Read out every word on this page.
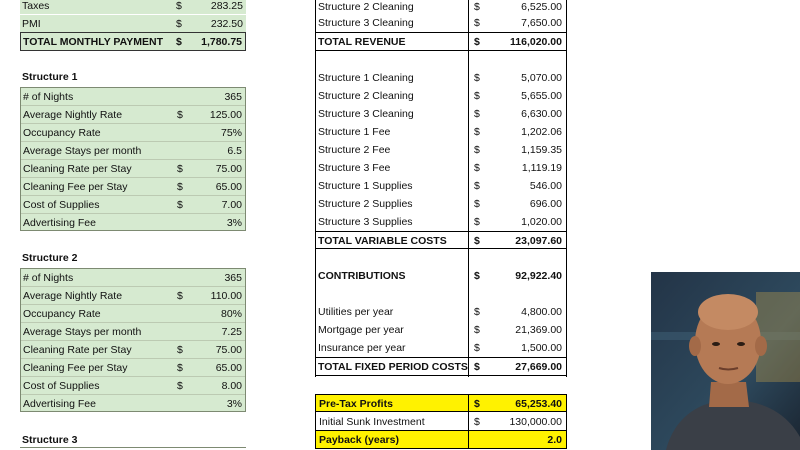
Taxes	$	283.25
PMI	$	232.50
TOTAL MONTHLY PAYMENT $ 1,780.75
Structure 1
# of Nights	365
Average Nightly Rate	$	125.00
Occupancy Rate	75%
Average Stays per month	6.5
Cleaning Rate per Stay	$	75.00
Cleaning Fee per Stay	$	65.00
Cost of Supplies	$	7.00
Advertising Fee	3%
Structure 2
# of Nights	365
Average Nightly Rate	$	110.00
Occupancy Rate	80%
Average Stays per month	7.25
Cleaning Rate per Stay	$	75.00
Cleaning Fee per Stay	$	65.00
Cost of Supplies	$	8.00
Advertising Fee	3%
Structure 3
Structure 2 Cleaning	$	6,525.00
Structure 3 Cleaning	$	7,650.00
TOTAL REVENUE	$	116,020.00
Structure 1 Cleaning	$	5,070.00
Structure 2 Cleaning	$	5,655.00
Structure 3 Cleaning	$	6,630.00
Structure 1 Fee	$	1,202.06
Structure 2 Fee	$	1,159.35
Structure 3 Fee	$	1,119.19
Structure 1 Supplies	$	546.00
Structure 2 Supplies	$	696.00
Structure 3 Supplies	$	1,020.00
TOTAL VARIABLE COSTS	$	23,097.60
CONTRIBUTIONS	$	92,922.40
Utilities per year	$	4,800.00
Mortgage per year	$	21,369.00
Insurance per year	$	1,500.00
TOTAL FIXED PERIOD COSTS $	27,669.00
Pre-Tax Profits	$	65,253.40
Initial Sunk Investment	$	130,000.00
Payback (years)	2.0
